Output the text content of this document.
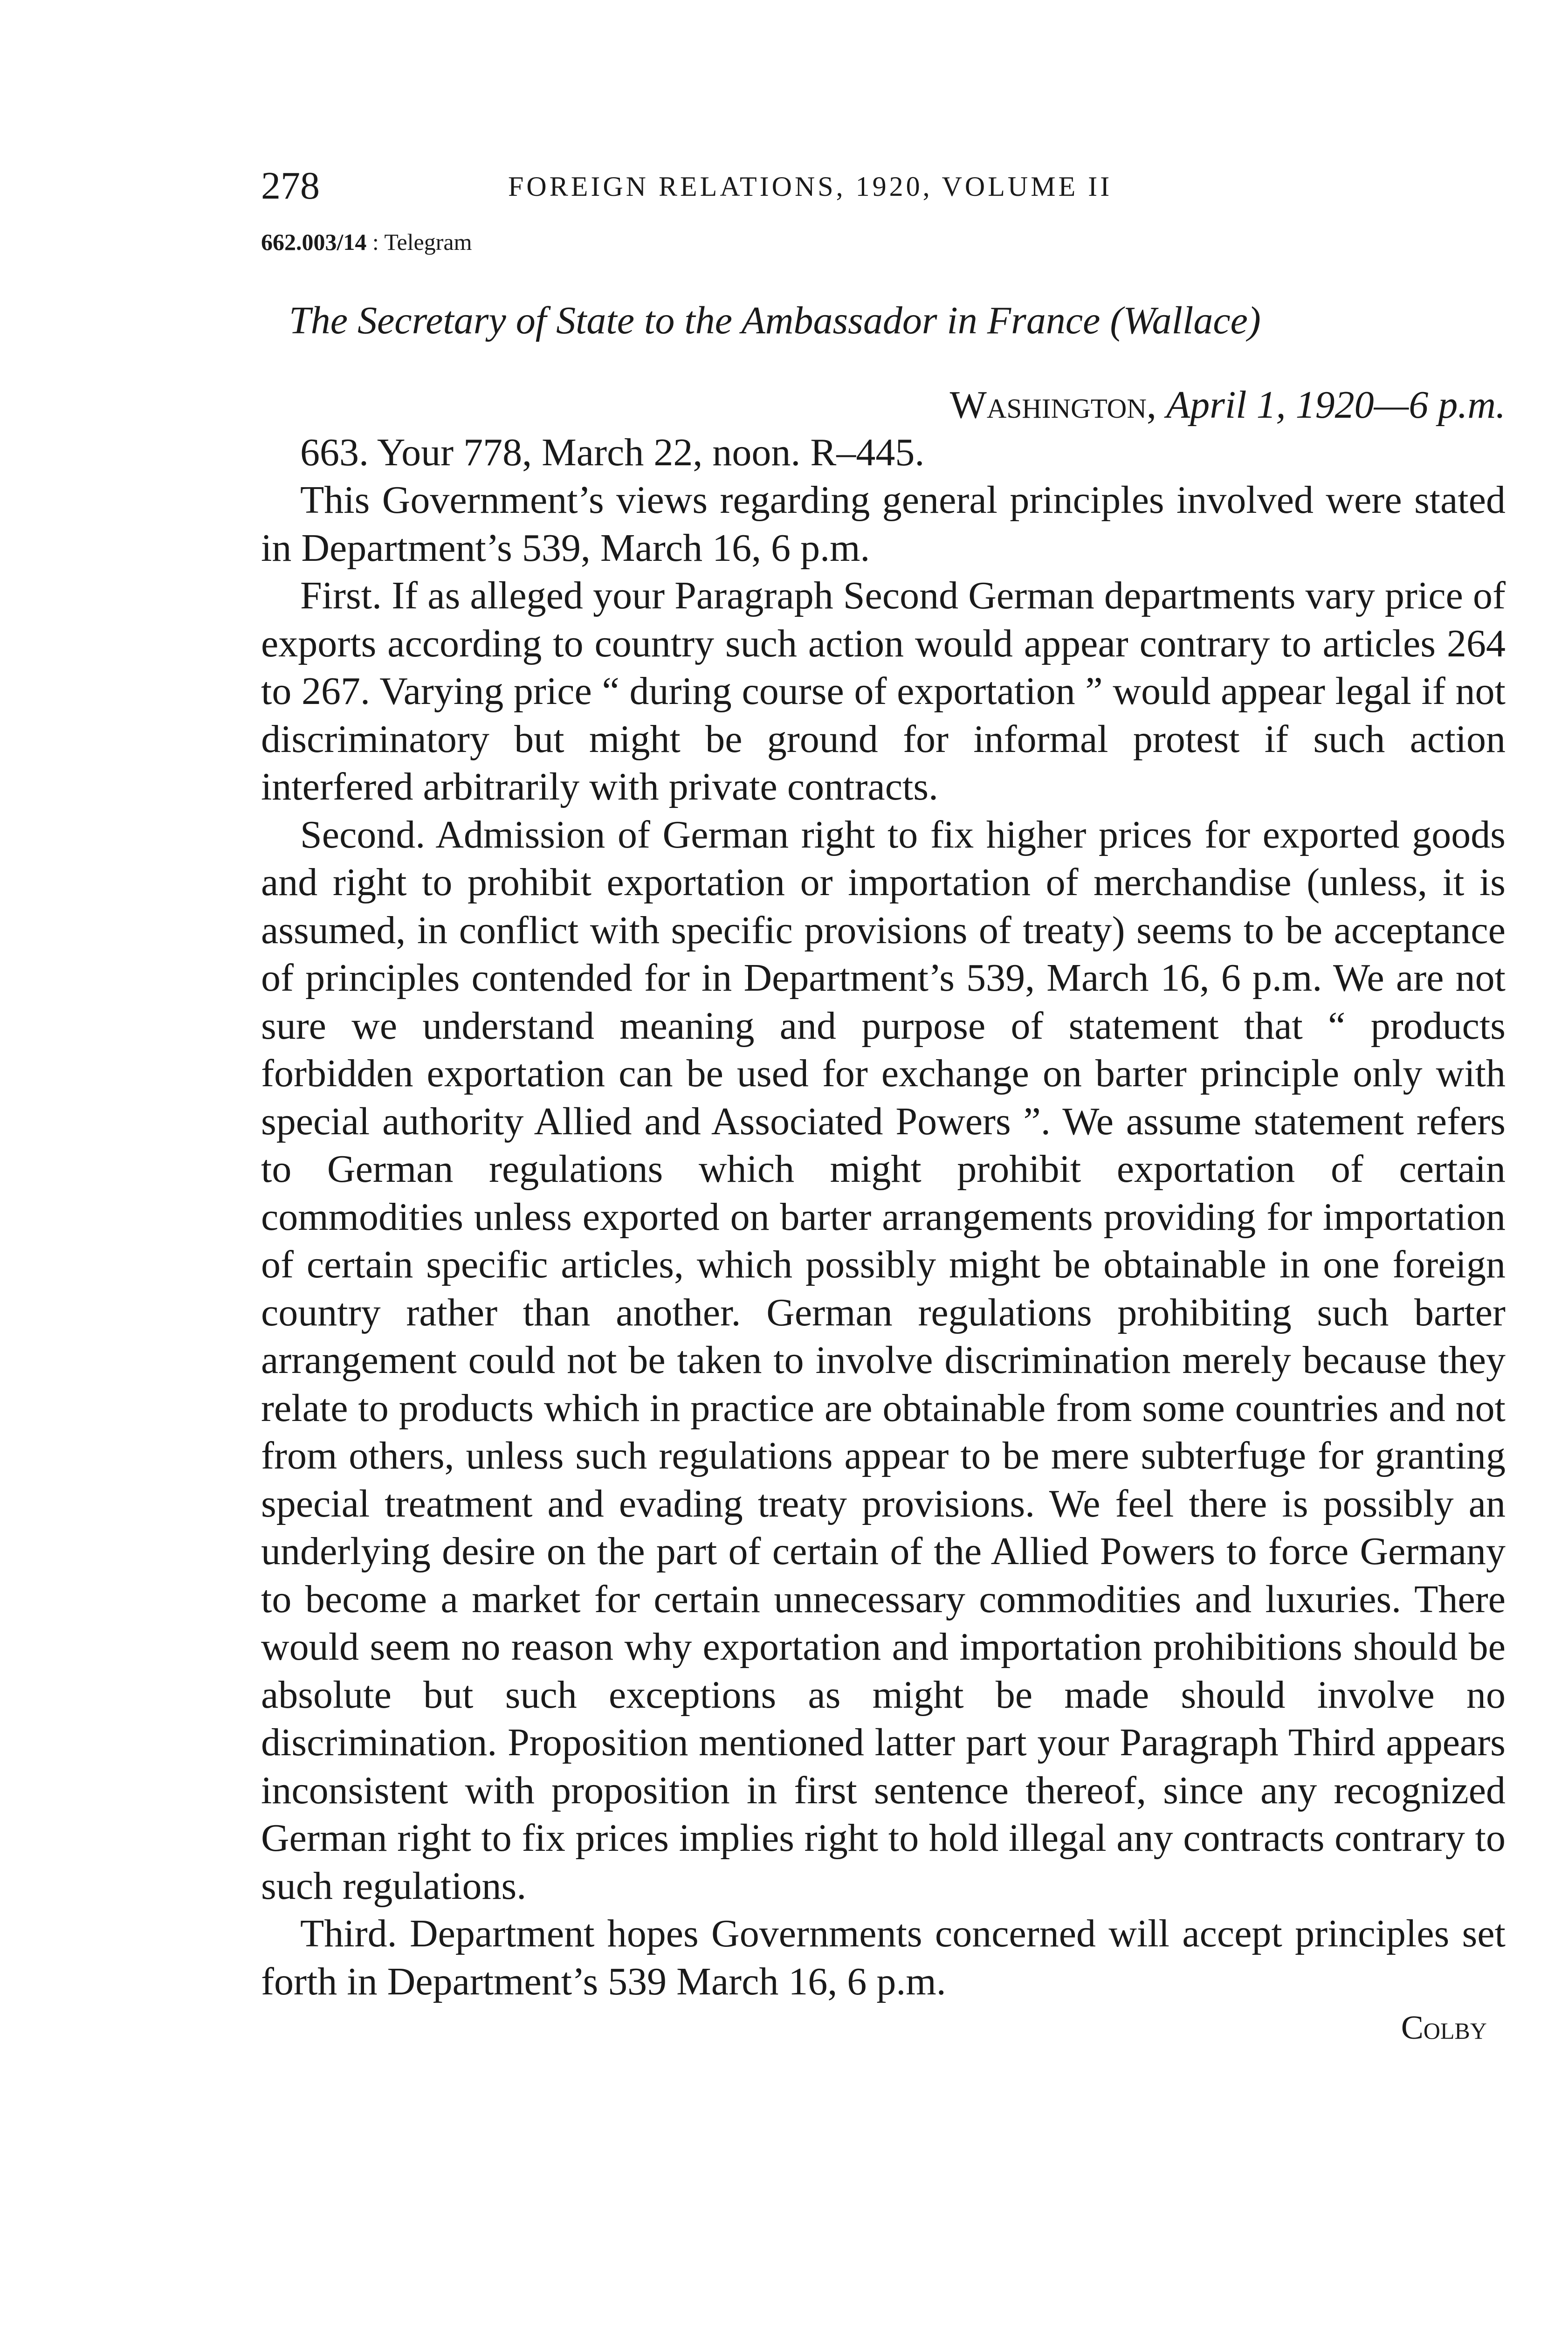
278	FOREIGN RELATIONS, 1920, VOLUME II
662.003/14 : Telegram
The Secretary of State to the Ambassador in France (Wallace)
Washington, April 1, 1920—6 p.m.

663. Your 778, March 22, noon. R–445.

This Government’s views regarding general principles involved were stated in Department’s 539, March 16, 6 p.m.

First. If as alleged your Paragraph Second German departments vary price of exports according to country such action would appear contrary to articles 264 to 267. Varying price “ during course of exportation ” would appear legal if not discriminatory but might be ground for informal protest if such action interfered arbitrarily with private contracts.

Second. Admission of German right to fix higher prices for exported goods and right to prohibit exportation or importation of merchandise (unless, it is assumed, in conflict with specific provisions of treaty) seems to be acceptance of principles contended for in Department’s 539, March 16, 6 p.m. We are not sure we understand meaning and purpose of statement that “ products forbidden exportation can be used for exchange on barter principle only with special authority Allied and Associated Powers ”. We assume statement refers to German regulations which might prohibit exportation of certain commodities unless exported on barter arrangements providing for importation of certain specific articles, which possibly might be obtainable in one foreign country rather than another. German regulations prohibiting such barter arrangement could not be taken to involve discrimination merely because they relate to products which in practice are obtainable from some countries and not from others, unless such regulations appear to be mere subterfuge for granting special treatment and evading treaty provisions. We feel there is possibly an underlying desire on the part of certain of the Allied Powers to force Germany to become a market for certain unnecessary commodities and luxuries. There would seem no reason why exportation and importation prohibitions should be absolute but such exceptions as might be made should involve no discrimination. Proposition mentioned latter part your Paragraph Third appears inconsistent with proposition in first sentence thereof, since any recognized German right to fix prices implies right to hold illegal any contracts contrary to such regulations.

Third. Department hopes Governments concerned will accept principles set forth in Department’s 539 March 16, 6 p.m.

Colby
